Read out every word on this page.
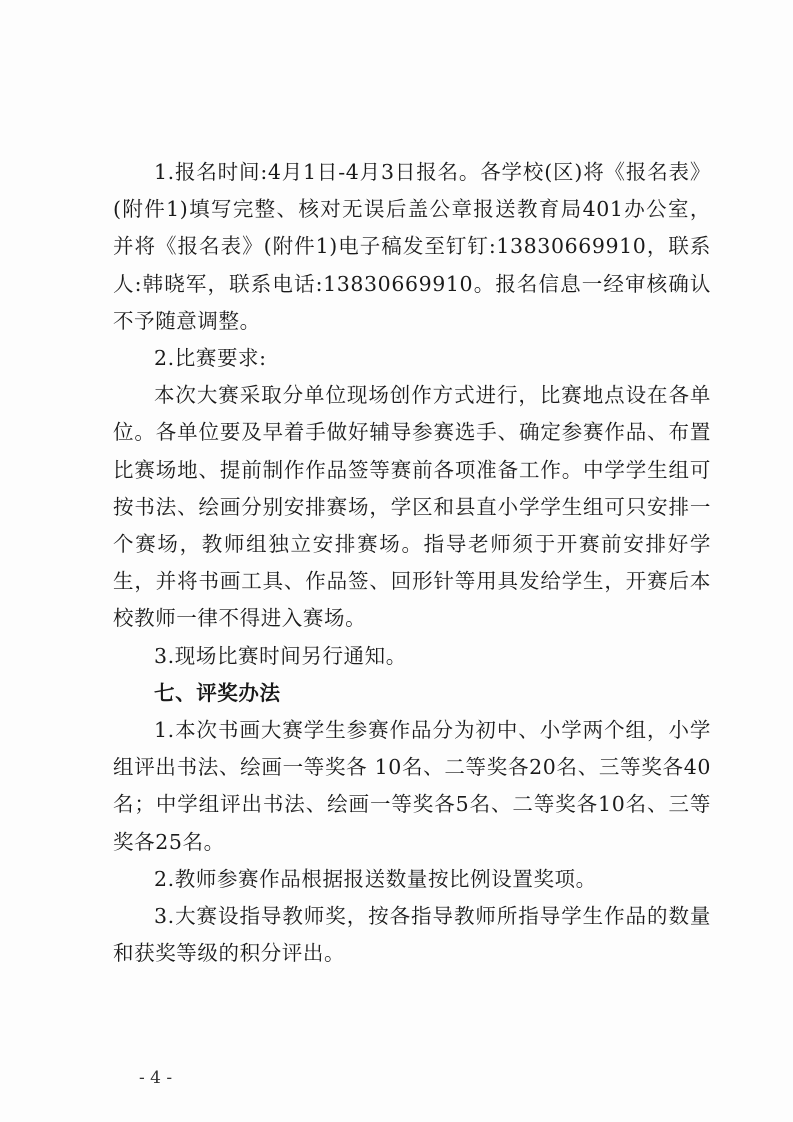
1.报名时间:4月1日-4月3日报名。各学校(区)将《报名表》(附件1)填写完整、核对无误后盖公章报送教育局401办公室，并将《报名表》(附件1)电子稿发至钉钉:13830669910，联系人:韩晓军，联系电话:13830669910。报名信息一经审核确认不予随意调整。

2.比赛要求:

本次大赛采取分单位现场创作方式进行，比赛地点设在各单位。各单位要及早着手做好辅导参赛选手、确定参赛作品、布置比赛场地、提前制作作品签等赛前各项准备工作。中学学生组可按书法、绘画分别安排赛场，学区和县直小学学生组可只安排一个赛场，教师组独立安排赛场。指导老师须于开赛前安排好学生，并将书画工具、作品签、回形针等用具发给学生，开赛后本校教师一律不得进入赛场。

3.现场比赛时间另行通知。

七、评奖办法

1.本次书画大赛学生参赛作品分为初中、小学两个组，小学组评出书法、绘画一等奖各 10名、二等奖各20名、三等奖各40名；中学组评出书法、绘画一等奖各5名、二等奖各10名、三等奖各25名。

2.教师参赛作品根据报送数量按比例设置奖项。

3.大赛设指导教师奖，按各指导教师所指导学生作品的数量和获奖等级的积分评出。

- 4 -
